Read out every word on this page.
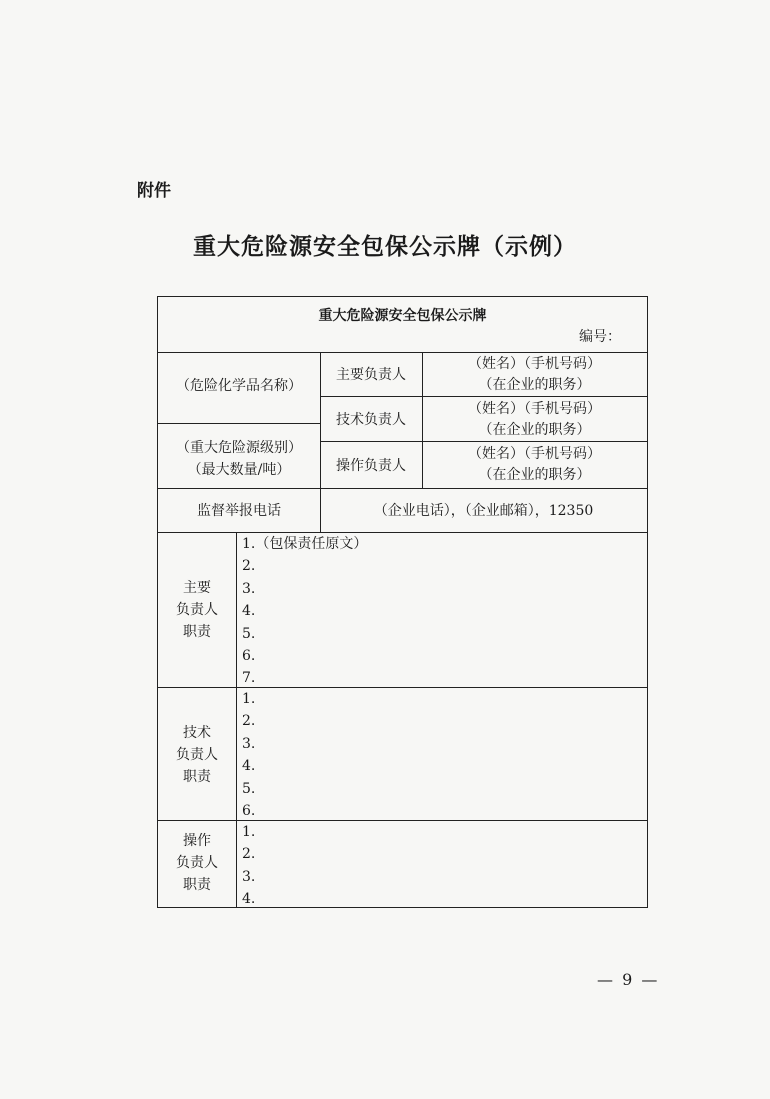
附件
重大危险源安全包保公示牌（示例）
重大危险源安全包保公示牌
编号：
（危险化学品名称）
（重大危险源级别）
（最大数量/吨）
主要负责人
（姓名）（手机号码）
（在企业的职务）
技术负责人
（姓名）（手机号码）
（在企业的职务）
操作负责人
（姓名）（手机号码）
（在企业的职务）
监督举报电话	（企业电话），（企业邮箱），12350
主要
负责人
职责
1.（包保责任原文）
2.
3.
4.
5.
6.
7.
技术
负责人
职责
1.
2.
3.
4.
5.
6.
操作
负责人
职责
1.
2.
3.
4.
— 9 —
